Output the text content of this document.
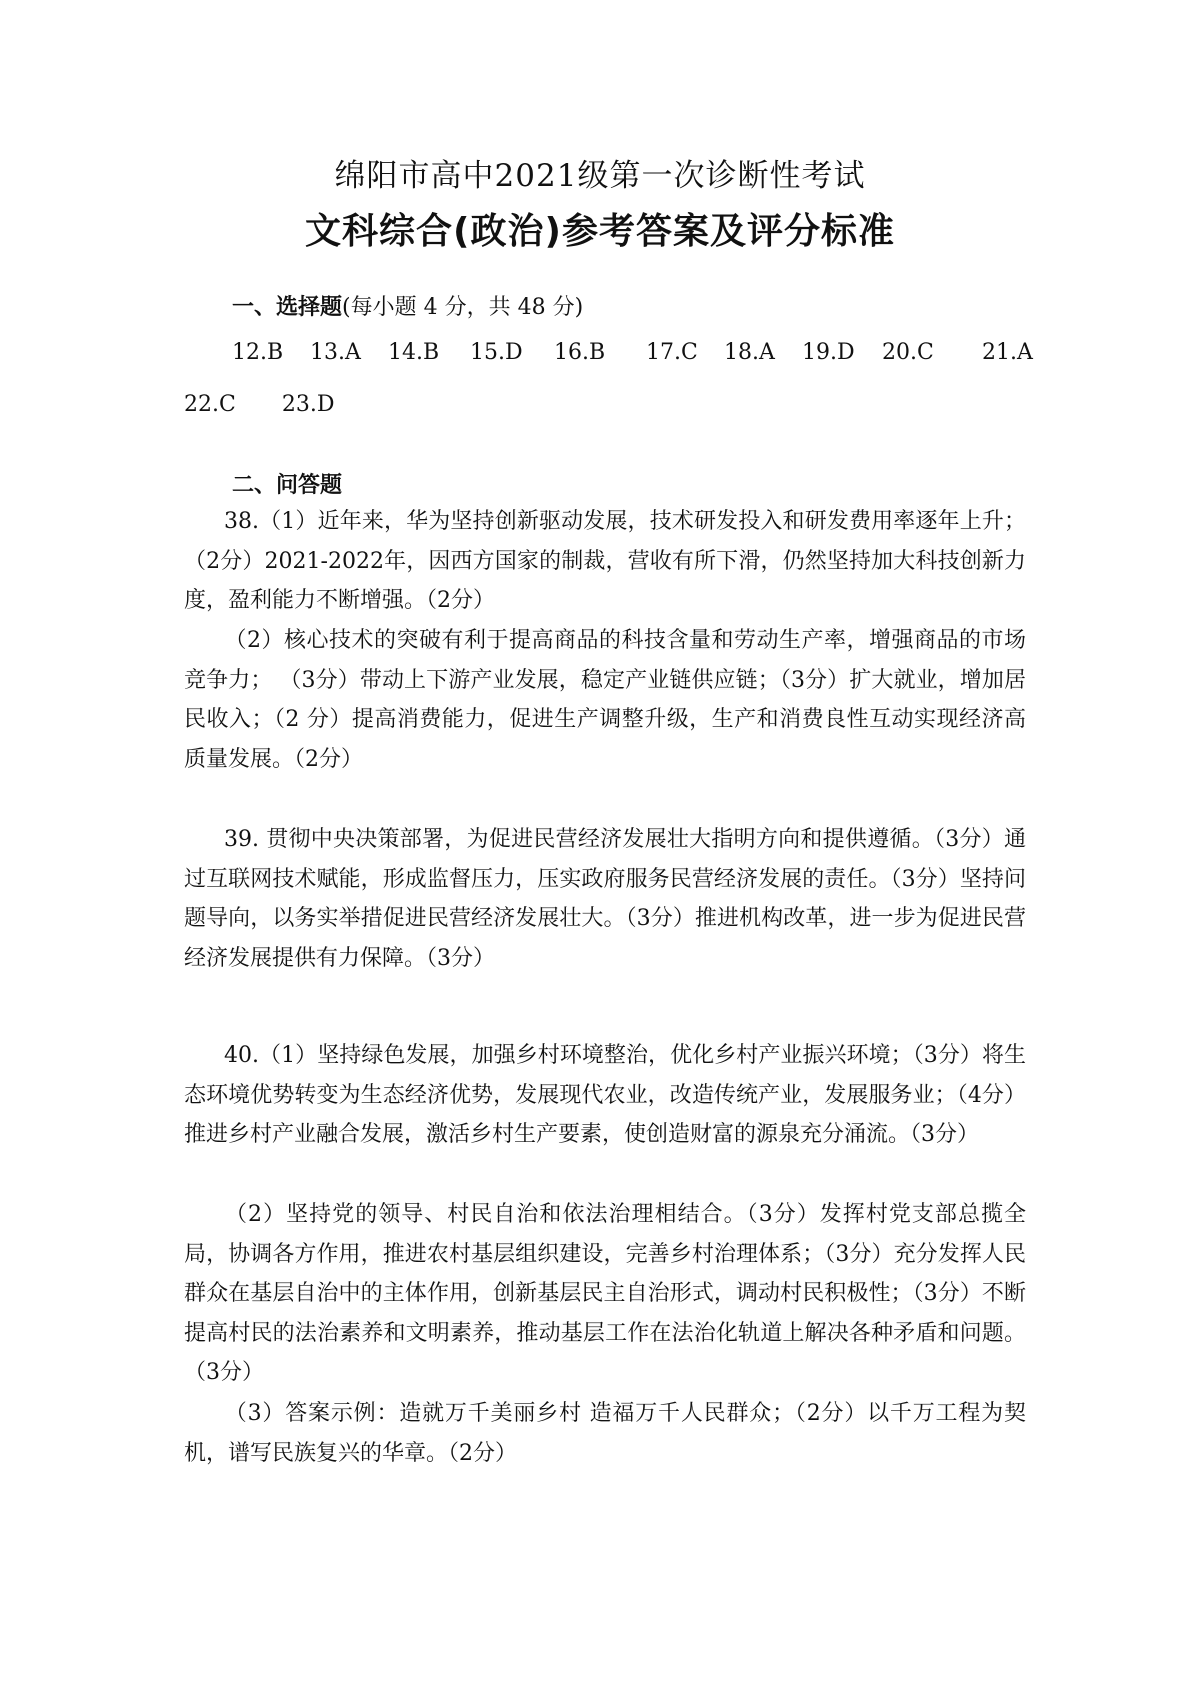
绵阳市高中2021级第一次诊断性考试
文科综合(政治)参考答案及评分标准
一、选择题(每小题 4 分，共 48 分)
12.B 13.A 14.B 15.D 16.B 17.C 18.A 19.D 20.C 21.A
22.C 23.D
二、问答题
38.（1）近年来，华为坚持创新驱动发展，技术研发投入和研发费用率逐年上升；（2分）2021-2022年，因西方国家的制裁，营收有所下滑，仍然坚持加大科技创新力度，盈利能力不断增强。（2分）
（2）核心技术的突破有利于提高商品的科技含量和劳动生产率，增强商品的市场竞争力； （3分）带动上下游产业发展，稳定产业链供应链；（3分）扩大就业，增加居民收入；（2 分）提高消费能力，促进生产调整升级，生产和消费良性互动实现经济高质量发展。（2分）
39. 贯彻中央决策部署，为促进民营经济发展壮大指明方向和提供遵循。（3分）通过互联网技术赋能，形成监督压力，压实政府服务民营经济发展的责任。（3分）坚持问题导向，以务实举措促进民营经济发展壮大。（3分）推进机构改革，进一步为促进民营经济发展提供有力保障。（3分）
40.（1）坚持绿色发展，加强乡村环境整治，优化乡村产业振兴环境；（3分）将生态环境优势转变为生态经济优势，发展现代农业，改造传统产业，发展服务业；（4分）推进乡村产业融合发展，激活乡村生产要素，使创造财富的源泉充分涌流。（3分）
（2）坚持党的领导、村民自治和依法治理相结合。（3分）发挥村党支部总揽全局，协调各方作用，推进农村基层组织建设，完善乡村治理体系；（3分）充分发挥人民群众在基层自治中的主体作用，创新基层民主自治形式，调动村民积极性；（3分）不断提高村民的法治素养和文明素养，推动基层工作在法治化轨道上解决各种矛盾和问题。（3分）
（3）答案示例：造就万千美丽乡村 造福万千人民群众；（2分）以千万工程为契机，谱写民族复兴的华章。（2分）
